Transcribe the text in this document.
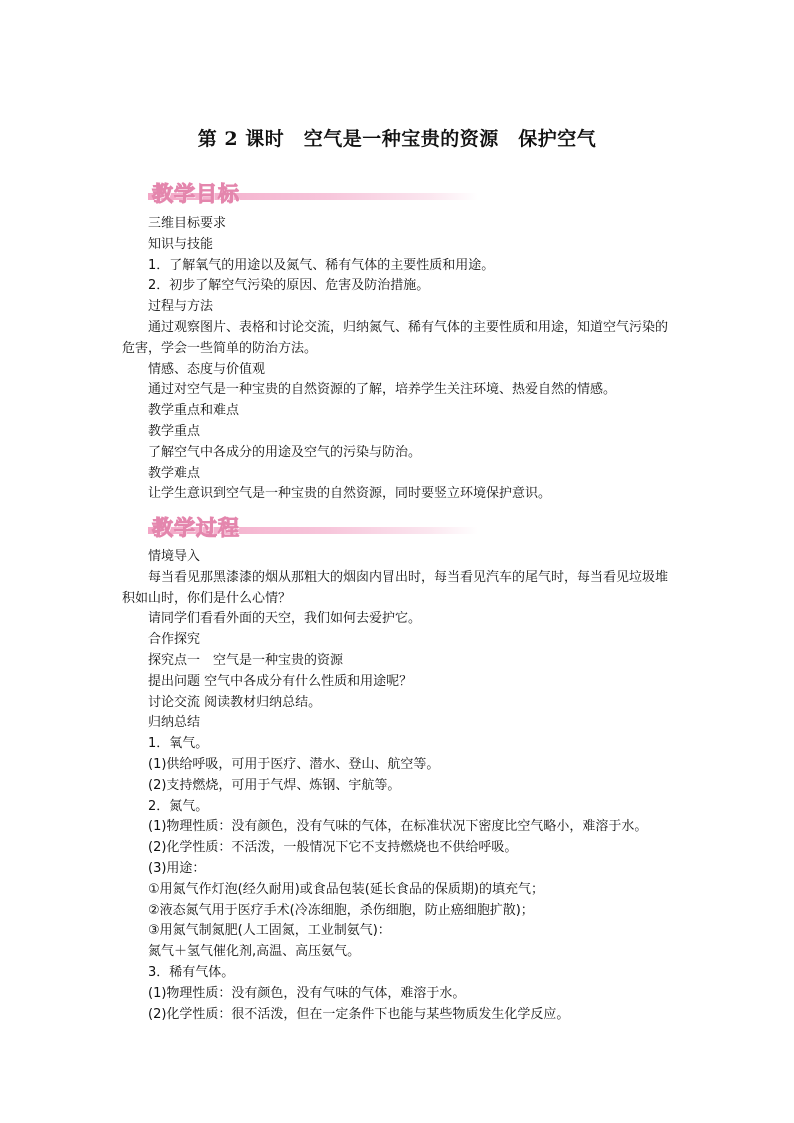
第 2 课时　空气是一种宝贵的资源　保护空气
教学目标

三维目标要求

知识与技能

1．了解氧气的用途以及氮气、稀有气体的主要性质和用途。

2．初步了解空气污染的原因、危害及防治措施。

过程与方法

通过观察图片、表格和讨论交流，归纳氮气、稀有气体的主要性质和用途，知道空气污染的危害，学会一些简单的防治方法。

情感、态度与价值观

通过对空气是一种宝贵的自然资源的了解，培养学生关注环境、热爱自然的情感。

教学重点和难点

教学重点

了解空气中各成分的用途及空气的污染与防治。

教学难点

让学生意识到空气是一种宝贵的自然资源，同时要竖立环境保护意识。

教学过程

情境导入

每当看见那黑漆漆的烟从那粗大的烟囱内冒出时，每当看见汽车的尾气时，每当看见垃圾堆积如山时，你们是什么心情？

请同学们看看外面的天空，我们如何去爱护它。

合作探究

探究点一　空气是一种宝贵的资源

提出问题 空气中各成分有什么性质和用途呢？

讨论交流 阅读教材归纳总结。

归纳总结

1．氧气。

(1)供给呼吸，可用于医疗、潜水、登山、航空等。

(2)支持燃烧，可用于气焊、炼钢、宇航等。

2．氮气。

(1)物理性质：没有颜色，没有气味的气体，在标准状况下密度比空气略小，难溶于水。

(2)化学性质：不活泼，一般情况下它不支持燃烧也不供给呼吸。

(3)用途：

①用氮气作灯泡(经久耐用)或食品包装(延长食品的保质期)的填充气；

②液态氮气用于医疗手术(冷冻细胞，杀伤细胞，防止癌细胞扩散)；

③用氮气制氮肥(人工固氮，工业制氨气)：

氮气＋氢气催化剂,高温、高压氨气。

3．稀有气体。

(1)物理性质：没有颜色，没有气味的气体，难溶于水。

(2)化学性质：很不活泼，但在一定条件下也能与某些物质发生化学反应。
